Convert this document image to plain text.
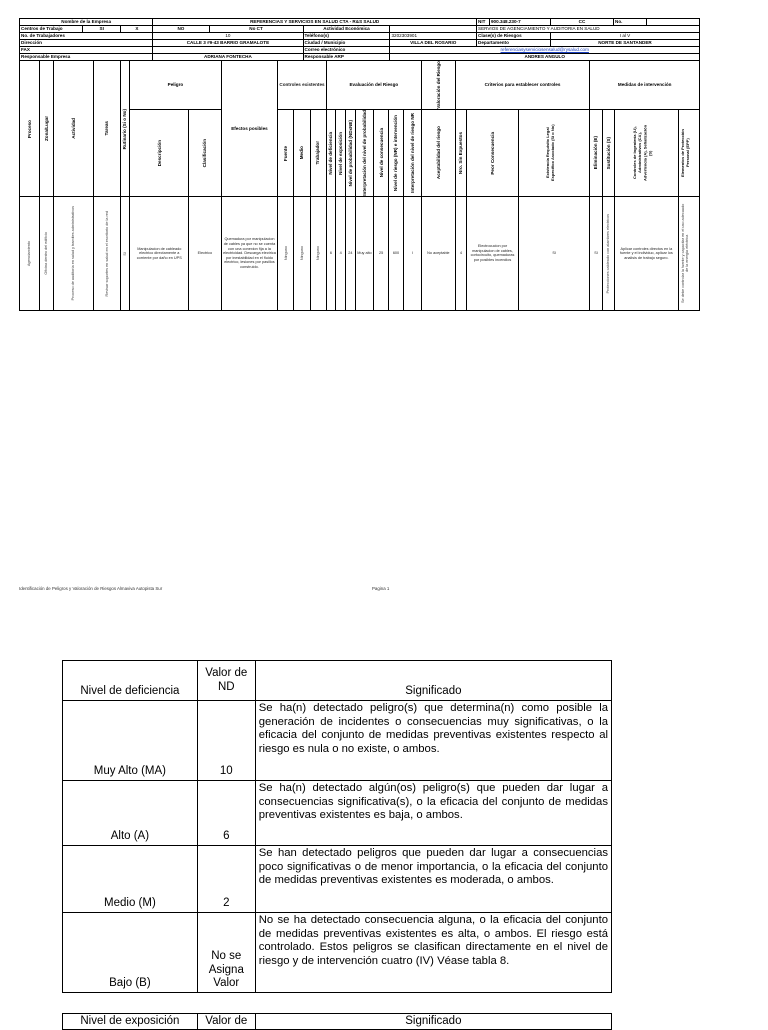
Nombre de la Empresa			REFERENCIAS Y SERVICIOS EN SALUD CTA - R&S SALUD				NIT	900.348.230-7	CC	No.	
Centros de Trabajo	SI	X	NO	No CT	Actividad Económica		SERVIOS DE AGENCIAMIENTO Y AUDITORIA EN SALUD				
No. de Trabajadores			10		Teléfono(s)	3202303901	Clase(s) de Riesgos		I al V		
Dirección			CALLE 3 #9-43 BARRIO GRAMALOTE		Ciudad / Municipio	VILLA DEL ROSARIO	Departamento		NORTE DE SANTANDER		
FAX					Correo electrónico	referenciasyserviciosensalud@rysalud.com					
Responsable Empresa			ADRIANA FONTECHA		Responsable ARP	ANDRES ANGULO					
Proceso	Zona/Lugar	Actividad	Tareas	Rutinario (Si o No)	Peligro		Efectos posibles	Controles existentes			Evaluación del Riesgo							Valoración del Riesgo	Criterios para establecer controles			Medidas de intervención			

					Descripción	Clasificación		Fuente	Medio	Trabajador	Nivel de deficiencia	Nivel de exposición	Nivel de probabilidad (NDxNE)	Interpretación del nivel de probabilidad	Nivel de consecuencia	Nivel de riesgo (NR) e intervención	Interpretación del nivel de riesgo NR	Aceptabilidad del riesgo	Nro. Sin Expuestos	Peor Consecuencia	Existencia Requisito Legal Específico Asociado (Si o No)	Eliminación (E)	Sustitución (S)	Controles de Ingeniería (I.I), Administrativos (CA), Advertencia (A), Señalización (S)	Elementos de Protección Personal (EPP)

Agenciamiento	Oficina dentro del edificio	Proceso de auditoría en salud y tramites administrativos	Revisar soportes en salud en el escritorio de la red	SI	Manipulacion de cableado electrico directamente a corriente por daño en UPS	Electrico	Quemadura por manipulacion de cables ya que no se cuenta con una conexion fija a la electricidad. Descarga electrica por inestabilidad en el fluido electrico, lesiones por pasillos construido.	Ninguno	Ninguno	Ninguno	6	4	24	Muy alto	25	600	I	No aceptable	4	Electrocucion por manipulacion de cables, cortocircuito, quemaduras por posibles incendios	SI	SI	Protecciones cableado con alambres electricos	Aplicar controles directos en la fuente y el individuo, aplicar los analisis de trabajo seguro.	Se debe controlar la fuente y capacitar en el uso adecuado de la energía eléctrica
Identificación de Peligros y Valoración de Riesgos Almaviva Autopista Sur	Pagina 1
Nivel de deficiencia	Valor de ND	Significado
Muy Alto (MA)	10	Se ha(n) detectado peligro(s) que determina(n) como posible la generación de incidentes o consecuencias muy significativas, o la eficacia del conjunto de medidas preventivas existentes respecto al riesgo es nula o no existe, o ambos.
Alto (A)	6	Se ha(n) detectado algún(os) peligro(s) que pueden dar lugar a consecuencias significativa(s), o la eficacia del conjunto de medidas preventivas existentes es baja, o ambos.
Medio (M)	2	Se han detectado peligros que pueden dar lugar a consecuencias poco significativas o de menor importancia, o la eficacia del conjunto de medidas preventivas existentes es moderada, o ambos.
Bajo (B)	No se Asigna Valor	No se ha detectado consecuencia alguna, o la eficacia del conjunto de medidas preventivas existentes es alta, o ambos. El riesgo está controlado. Estos peligros se clasifican directamente en el nivel de riesgo y de intervención cuatro (IV) Véase tabla 8.
Nivel de exposición	Valor de	Significado
